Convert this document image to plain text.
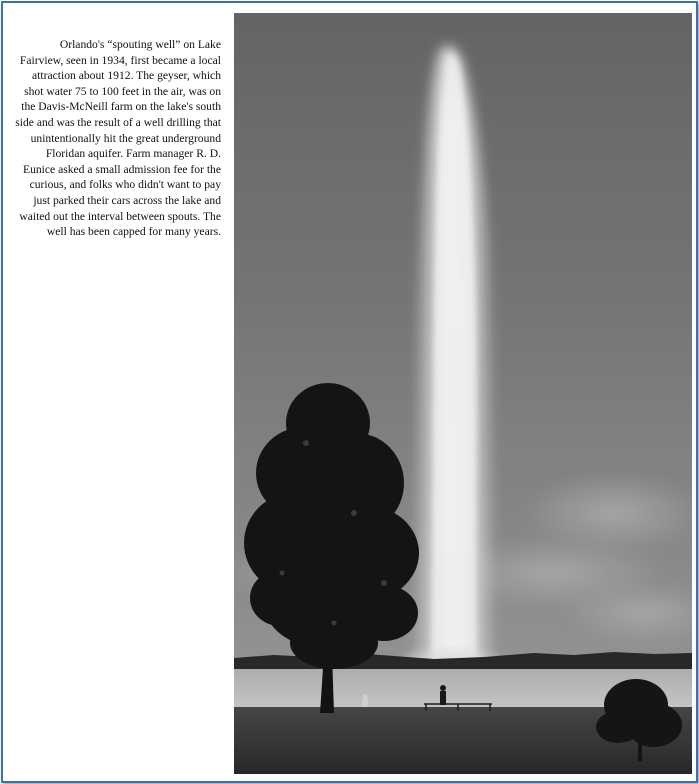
Orlando's “spouting well” on Lake Fairview, seen in 1934, first became a local attraction about 1912. The geyser, which shot water 75 to 100 feet in the air, was on the Davis-McNeill farm on the lake's south side and was the result of a well drilling that unintentionally hit the great underground Floridan aquifer. Farm manager R. D. Eunice asked a small admission fee for the curious, and folks who didn't want to pay just parked their cars across the lake and waited out the interval between spouts. The well has been capped for many years.
